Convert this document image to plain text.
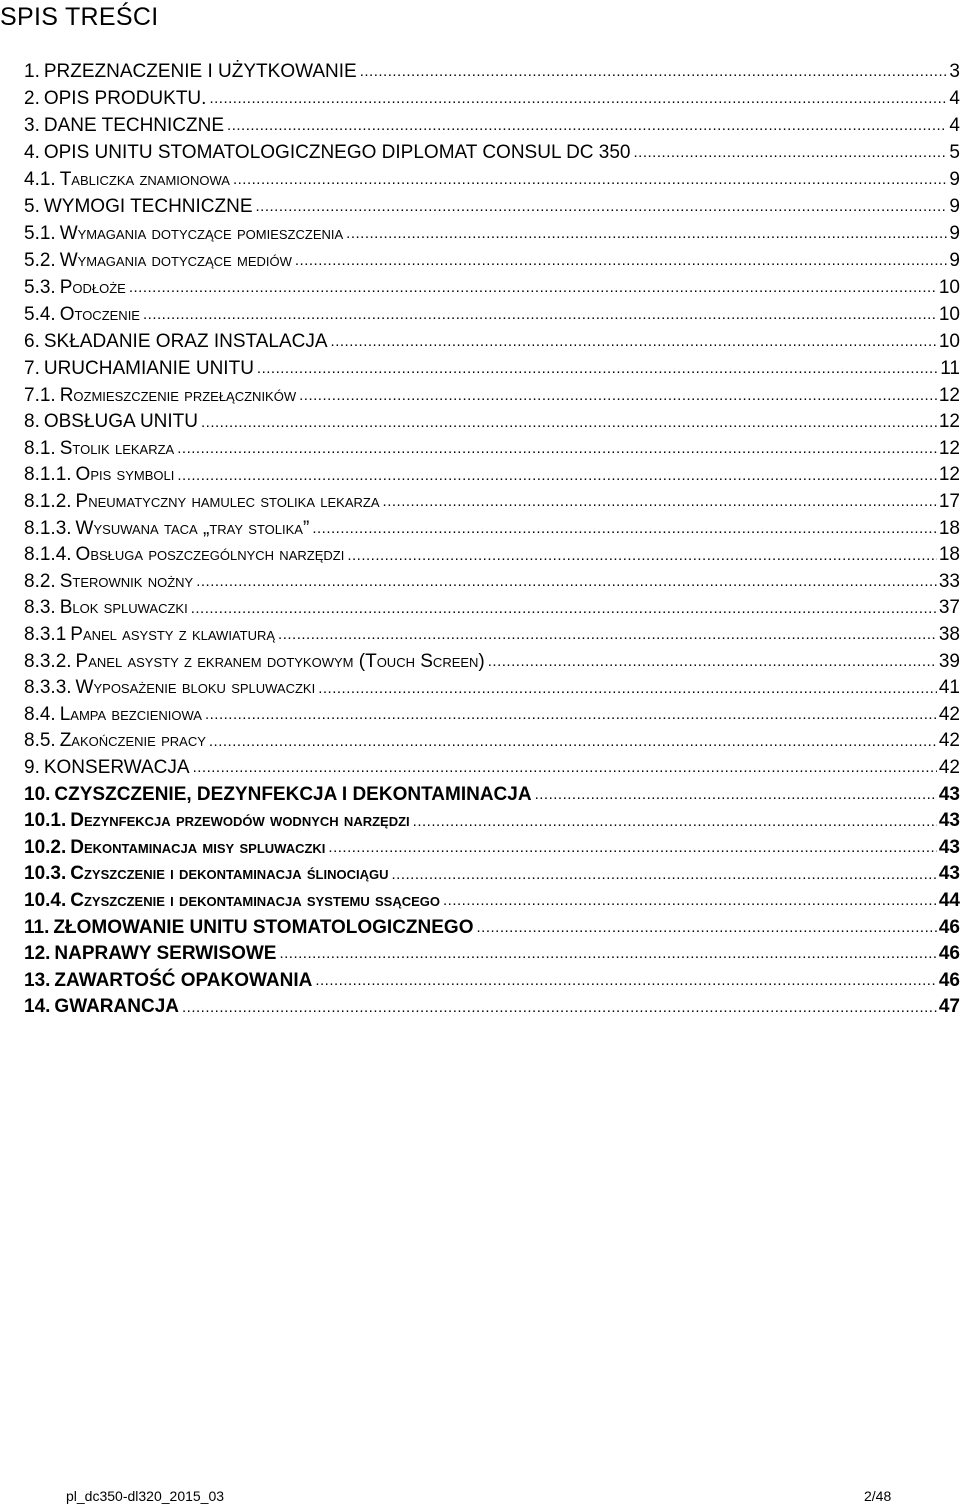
SPIS TREŚCI
1. PRZEZNACZENIE I UŻYTKOWANIE .....	3
2. OPIS PRODUKTU. .....	4
3. DANE TECHNICZNE .....	4
4. OPIS UNITU STOMATOLOGICZNEGO DIPLOMAT CONSUL DC 350 .....	5
4.1. Tabliczka znamionowa .....	9
5. WYMOGI TECHNICZNE .....	9
5.1. Wymagania dotyczące pomieszczenia .....	9
5.2. Wymagania dotyczące mediów .....	9
5.3. Podłoże .....	10
5.4. Otoczenie .....	10
6. SKŁADANIE ORAZ INSTALACJA .....	10
7. URUCHAMIANIE UNITU .....	11
7.1. Rozmieszczenie przełączników .....	12
8. OBSŁUGA UNITU .....	12
8.1. Stolik lekarza .....	12
8.1.1. Opis symboli .....	12
8.1.2. Pneumatyczny hamulec stolika lekarza .....	17
8.1.3. Wysuwana taca „tray stolika” .....	18
8.1.4. Obsługa poszczególnych narzędzi .....	18
8.2. Sterownik nożny .....	33
8.3. Blok spluwaczki .....	37
8.3.1 Panel asysty z klawiaturą .....	38
8.3.2. Panel asysty z ekranem dotykowym (Touch Screen) .....	39
8.3.3. Wyposażenie bloku spluwaczki .....	41
8.4. Lampa bezcieniowa .....	42
8.5. Zakończenie pracy .....	42
9. KONSERWACJA .....	42
10. CZYSZCZENIE, DEZYNFEKCJA I DEKONTAMINACJA .....	43
10.1. Dezynfekcja przewodów wodnych narzędzi .....	43
10.2. Dekontaminacja misy spluwaczki .....	43
10.3. Czyszczenie i dekontaminacja ślinociągu .....	43
10.4. Czyszczenie i dekontaminacja systemu ssącego .....	44
11. ZŁOMOWANIE UNITU STOMATOLOGICZNEGO .....	46
12. NAPRAWY SERWISOWE .....	46
13. ZAWARTOŚĆ OPAKOWANIA .....	46
14. GWARANCJA .....	47
pl_dc350-dl320_2015_03	2/48
